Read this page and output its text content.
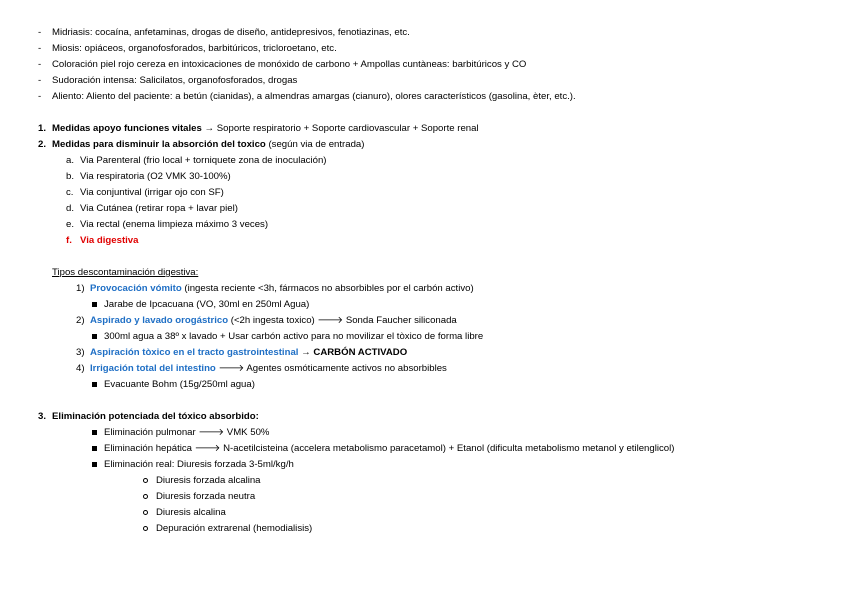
- Midriasis: cocaína, anfetaminas, drogas de diseño, antidepresivos, fenotiazinas, etc.
- Miosis: opiáceos, organofosforados, barbitúricos, tricloroetano, etc.
- Coloración piel rojo cereza en intoxicaciones de monóxido de carbono + Ampollas cuntàneas: barbitúricos y CO
- Sudoración intensa: Salicilatos, organofosforados, drogas
- Aliento: Aliento del paciente: a betún (cianidas), a almendras amargas (cianuro), olores característicos (gasolina, èter, etc.).
1. Medidas apoyo funciones vitales → Soporte respiratorio + Soporte cardiovascular + Soporte renal
2. Medidas para disminuir la absorción del toxico (según via de entrada)
a. Via Parenteral (frio local + torniquete zona de inoculación)
b. Via respiratoria (O2 VMK 30-100%)
c. Via conjuntival (irrigar ojo con SF)
d. Via Cutánea (retirar ropa + lavar piel)
e. Via rectal (enema limpieza máximo 3 veces)
f. Via digestiva
Tipos descontaminación digestiva:
1) Provocación vómito (ingesta reciente <3h, fármacos no absorbibles por el carbón activo)
Jarabe de Ipcacuana (VO, 30ml en 250ml Agua)
2) Aspirado y lavado orogástrico (<2h ingesta toxico) 🡒 Sonda Faucher siliconada
300ml agua a 38º x lavado + Usar carbón activo para no movilizar el tòxico de forma libre
3) Aspiración tòxico en el tracto gastrointestinal → CARBÓN ACTIVADO
4) Irrigación total del intestino 🡒 Agentes osmóticamente activos no absorbibles
Evacuante Bohm (15g/250ml agua)
3. Eliminación potenciada del tóxico absorbido:
Eliminación pulmonar 🡒 VMK 50%
Eliminación hepática 🡒 N-acetilcisteina (accelera metabolismo paracetamol) + Etanol (dificulta metabolismo metanol y etilenglicol)
Eliminación real: Diuresis forzada 3-5ml/kg/h
Diuresis forzada alcalina
Diuresis forzada neutra
Diuresis alcalina
Depuración extrarenal (hemodialisis)
